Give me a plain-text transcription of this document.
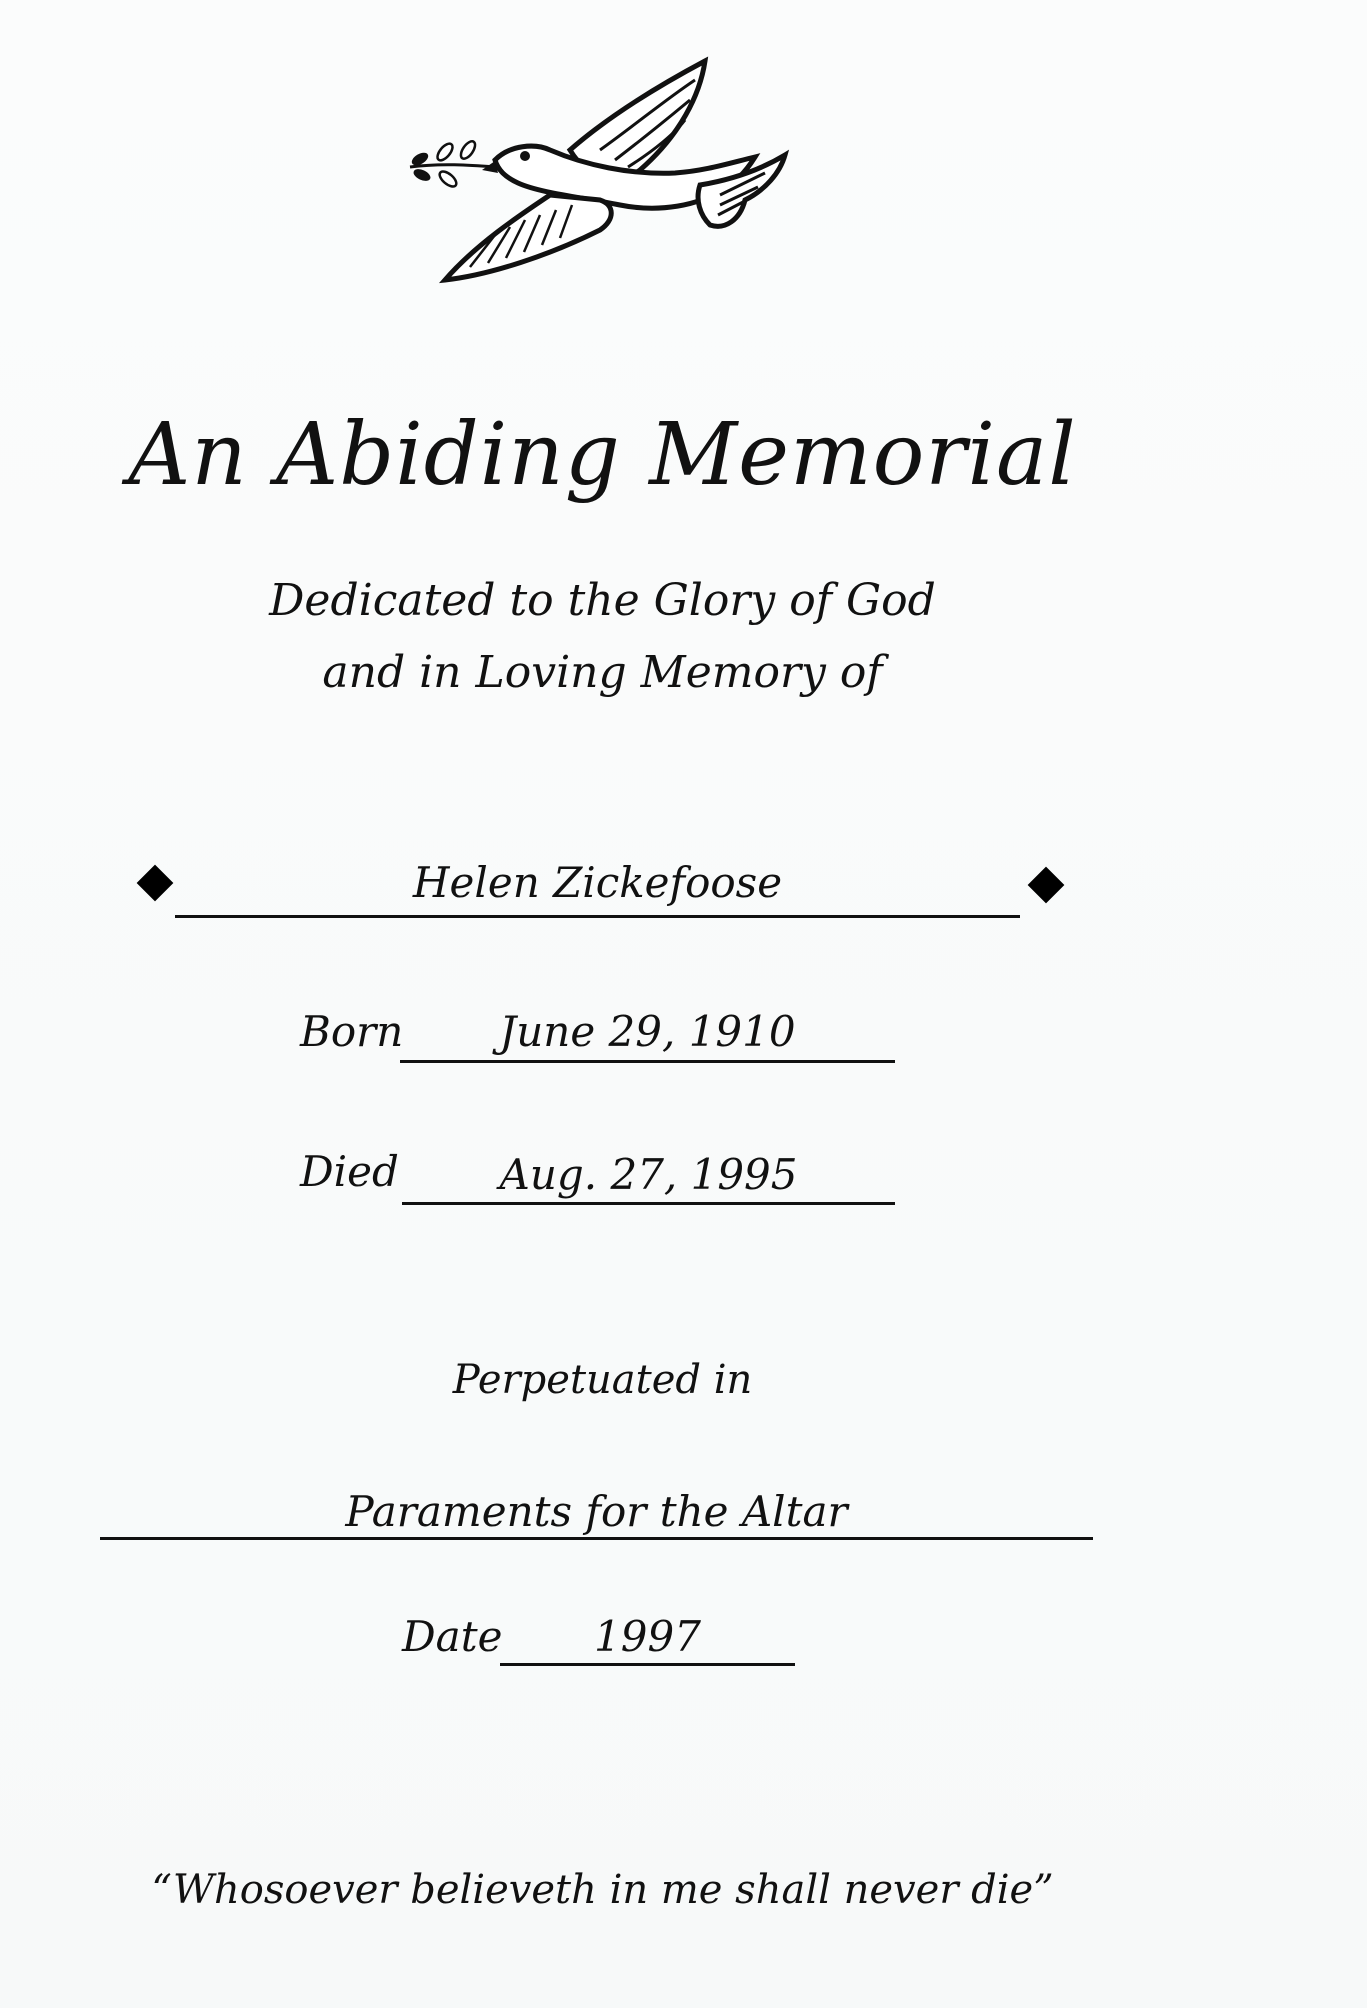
An Abiding Memorial
Dedicated to the Glory of God
and in Loving Memory of
Helen Zickefoose
Born	June 29, 1910
Died	Aug. 27, 1995
Perpetuated in
Paraments for the Altar
Date	1997
“Whosoever believeth in me shall never die”
